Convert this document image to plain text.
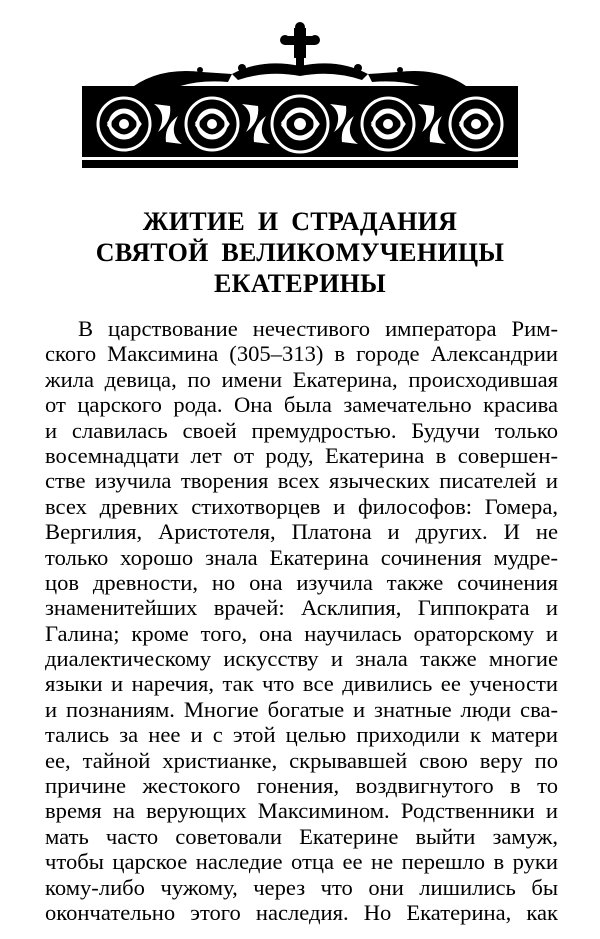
ЖИТИЕ И СТРАДАНИЯ
СВЯТОЙ ВЕЛИКОМУЧЕНИЦЫ
ЕКАТЕРИНЫ
В царствование нечестивого императора Рим-
ского Максимина (305–313) в городе Александрии
жила девица, по имени Екатерина, происходившая
от царского рода. Она была замечательно красива
и славилась своей премудростью. Будучи только
восемнадцати лет от роду, Екатерина в совершен-
стве изучила творения всех языческих писателей и
всех древних стихотворцев и философов: Гомера,
Вергилия, Аристотеля, Платона и других. И не
только хорошо знала Екатерина сочинения мудре-
цов древности, но она изучила также сочинения
знаменитейших врачей: Асклипия, Гиппократа и
Галина; кроме того, она научилась ораторскому и
диалектическому искусству и знала также многие
языки и наречия, так что все дивились ее учености
и познаниям. Многие богатые и знатные люди сва-
тались за нее и с этой целью приходили к матери
ее, тайной христианке, скрывавшей свою веру по
причине жестокого гонения, воздвигнутого в то
время на верующих Максимином. Родственники и
мать часто советовали Екатерине выйти замуж,
чтобы царское наследие отца ее не перешло в руки
кому-либо чужому, через что они лишились бы
окончательно этого наследия. Но Екатерина, как
